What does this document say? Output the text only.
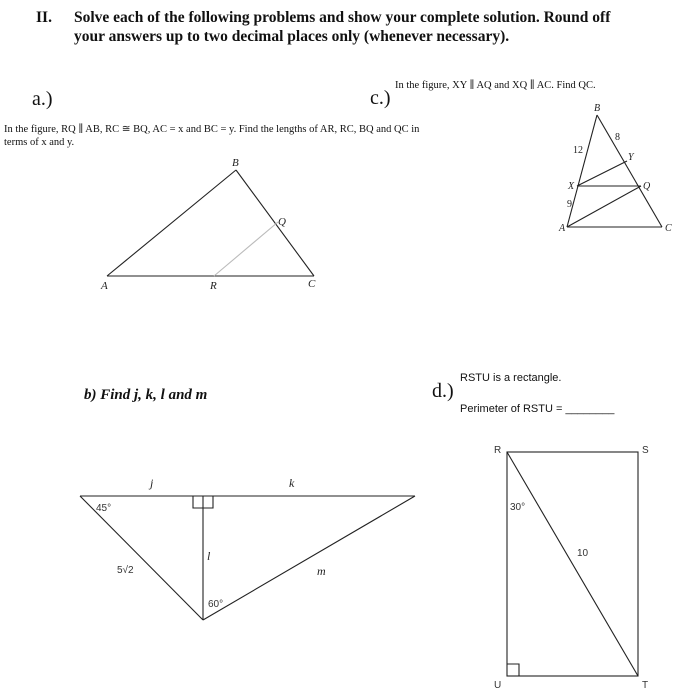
II. Solve each of the following problems and show your complete solution. Round off
your answers up to two decimal places only (whenever necessary).
a.)
In the figure, RQ ∥ AB, RC ≅ BQ, AC = x and BC = y. Find the lengths of AR, RC, BQ and QC in
terms of x and y.
A
B
C
R
Q
c.)
In the figure, XY ∥ AQ and XQ ∥ AC. Find QC.
B
A	C
X
Y
Q
12
9
8
b) Find j, k, l and m
j	k
l
m
5√2
45°
60°
d.)
RSTU is a rectangle.
Perimeter of RSTU = ________
R	S
T
U
30°
10
